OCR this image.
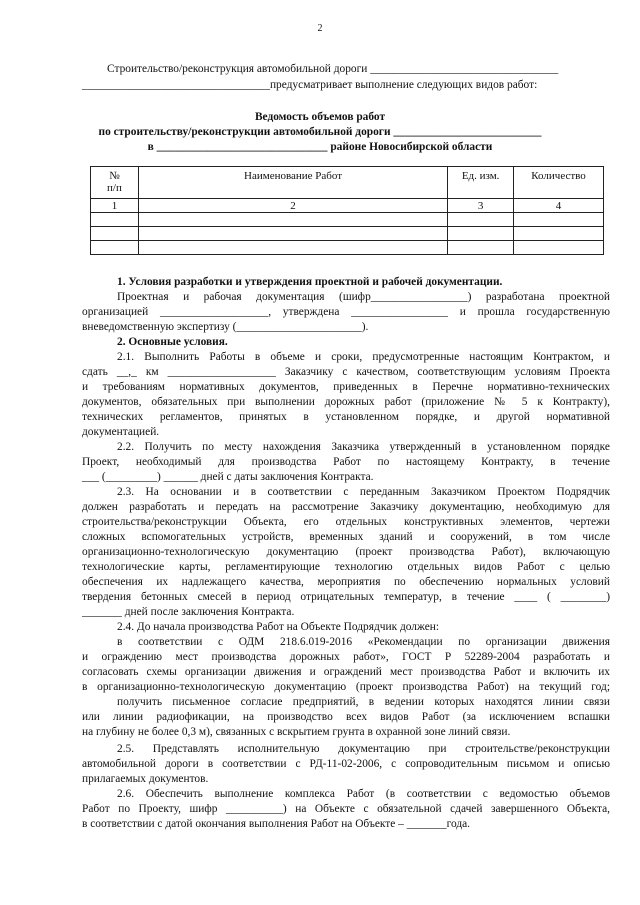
2
Строительство/реконструкция автомобильной дороги _________________________________
_________________________________предусматривает выполнение следующих видов работ:
Ведомость объемов работ
по строительству/реконструкции автомобильной дороги __________________________
в ______________________________ районе Новосибирской области
№
п/п	Наименование Работ	Ед. изм.	Количество
1	2	3	4

1. Условия разработки и утверждения проектной и рабочей документации.
Проектная и рабочая документация (шифр_________________) разработана проектной
организацией ___________________, утверждена _________________ и прошла государственную
вневедомственную экспертизу (______________________).
2. Основные условия.
2.1. Выполнить Работы в объеме и сроки, предусмотренные настоящим Контрактом, и
сдать __,_ км ___________________ Заказчику с качеством, соответствующим условиям Проекта
и требованиям нормативных документов, приведенных в Перечне нормативно-технических
документов, обязательных при выполнении дорожных работ (приложение № 5 к Контракту),
технических регламентов, принятых в установленном порядке, и другой нормативной
документацией.
2.2. Получить по месту нахождения Заказчика утвержденный в установленном порядке
Проект, необходимый для производства Работ по настоящему Контракту, в течение
___ (_________) ______ дней с даты заключения Контракта.
2.3. На основании и в соответствии с переданным Заказчиком Проектом Подрядчик
должен разработать и передать на рассмотрение Заказчику документацию, необходимую для
строительства/реконструкции Объекта, его отдельных конструктивных элементов, чертежи
сложных вспомогательных устройств, временных зданий и сооружений, в том числе
организационно-технологическую документацию (проект производства Работ), включающую
технологические карты, регламентирующие технологию отдельных видов Работ с целью
обеспечения их надлежащего качества, мероприятия по обеспечению нормальных условий
твердения бетонных смесей в период отрицательных температур, в течение ____ ( ________)
_______ дней после заключения Контракта.
2.4. До начала производства Работ на Объекте Подрядчик должен:
в соответствии с ОДМ 218.6.019-2016 «Рекомендации по организации движения
и ограждению мест производства дорожных работ», ГОСТ Р 52289-2004 разработать и
согласовать схемы организации движения и ограждений мест производства Работ и включить их
в организационно-технологическую документацию (проект производства Работ) на текущий год;
получить письменное согласие предприятий, в ведении которых находятся линии связи
или линии радиофикации, на производство всех видов Работ (за исключением вспашки
на глубину не более 0,3 м), связанных с вскрытием грунта в охранной зоне линий связи.
2.5. Представлять исполнительную документацию при строительстве/реконструкции
автомобильной дороги в соответствии с РД-11-02-2006, с сопроводительным письмом и описью
прилагаемых документов.
2.6. Обеспечить выполнение комплекса Работ (в соответствии с ведомостью объемов
Работ по Проекту, шифр __________) на Объекте с обязательной сдачей завершенного Объекта,
в соответствии с датой окончания выполнения Работ на Объекте – _______года.
